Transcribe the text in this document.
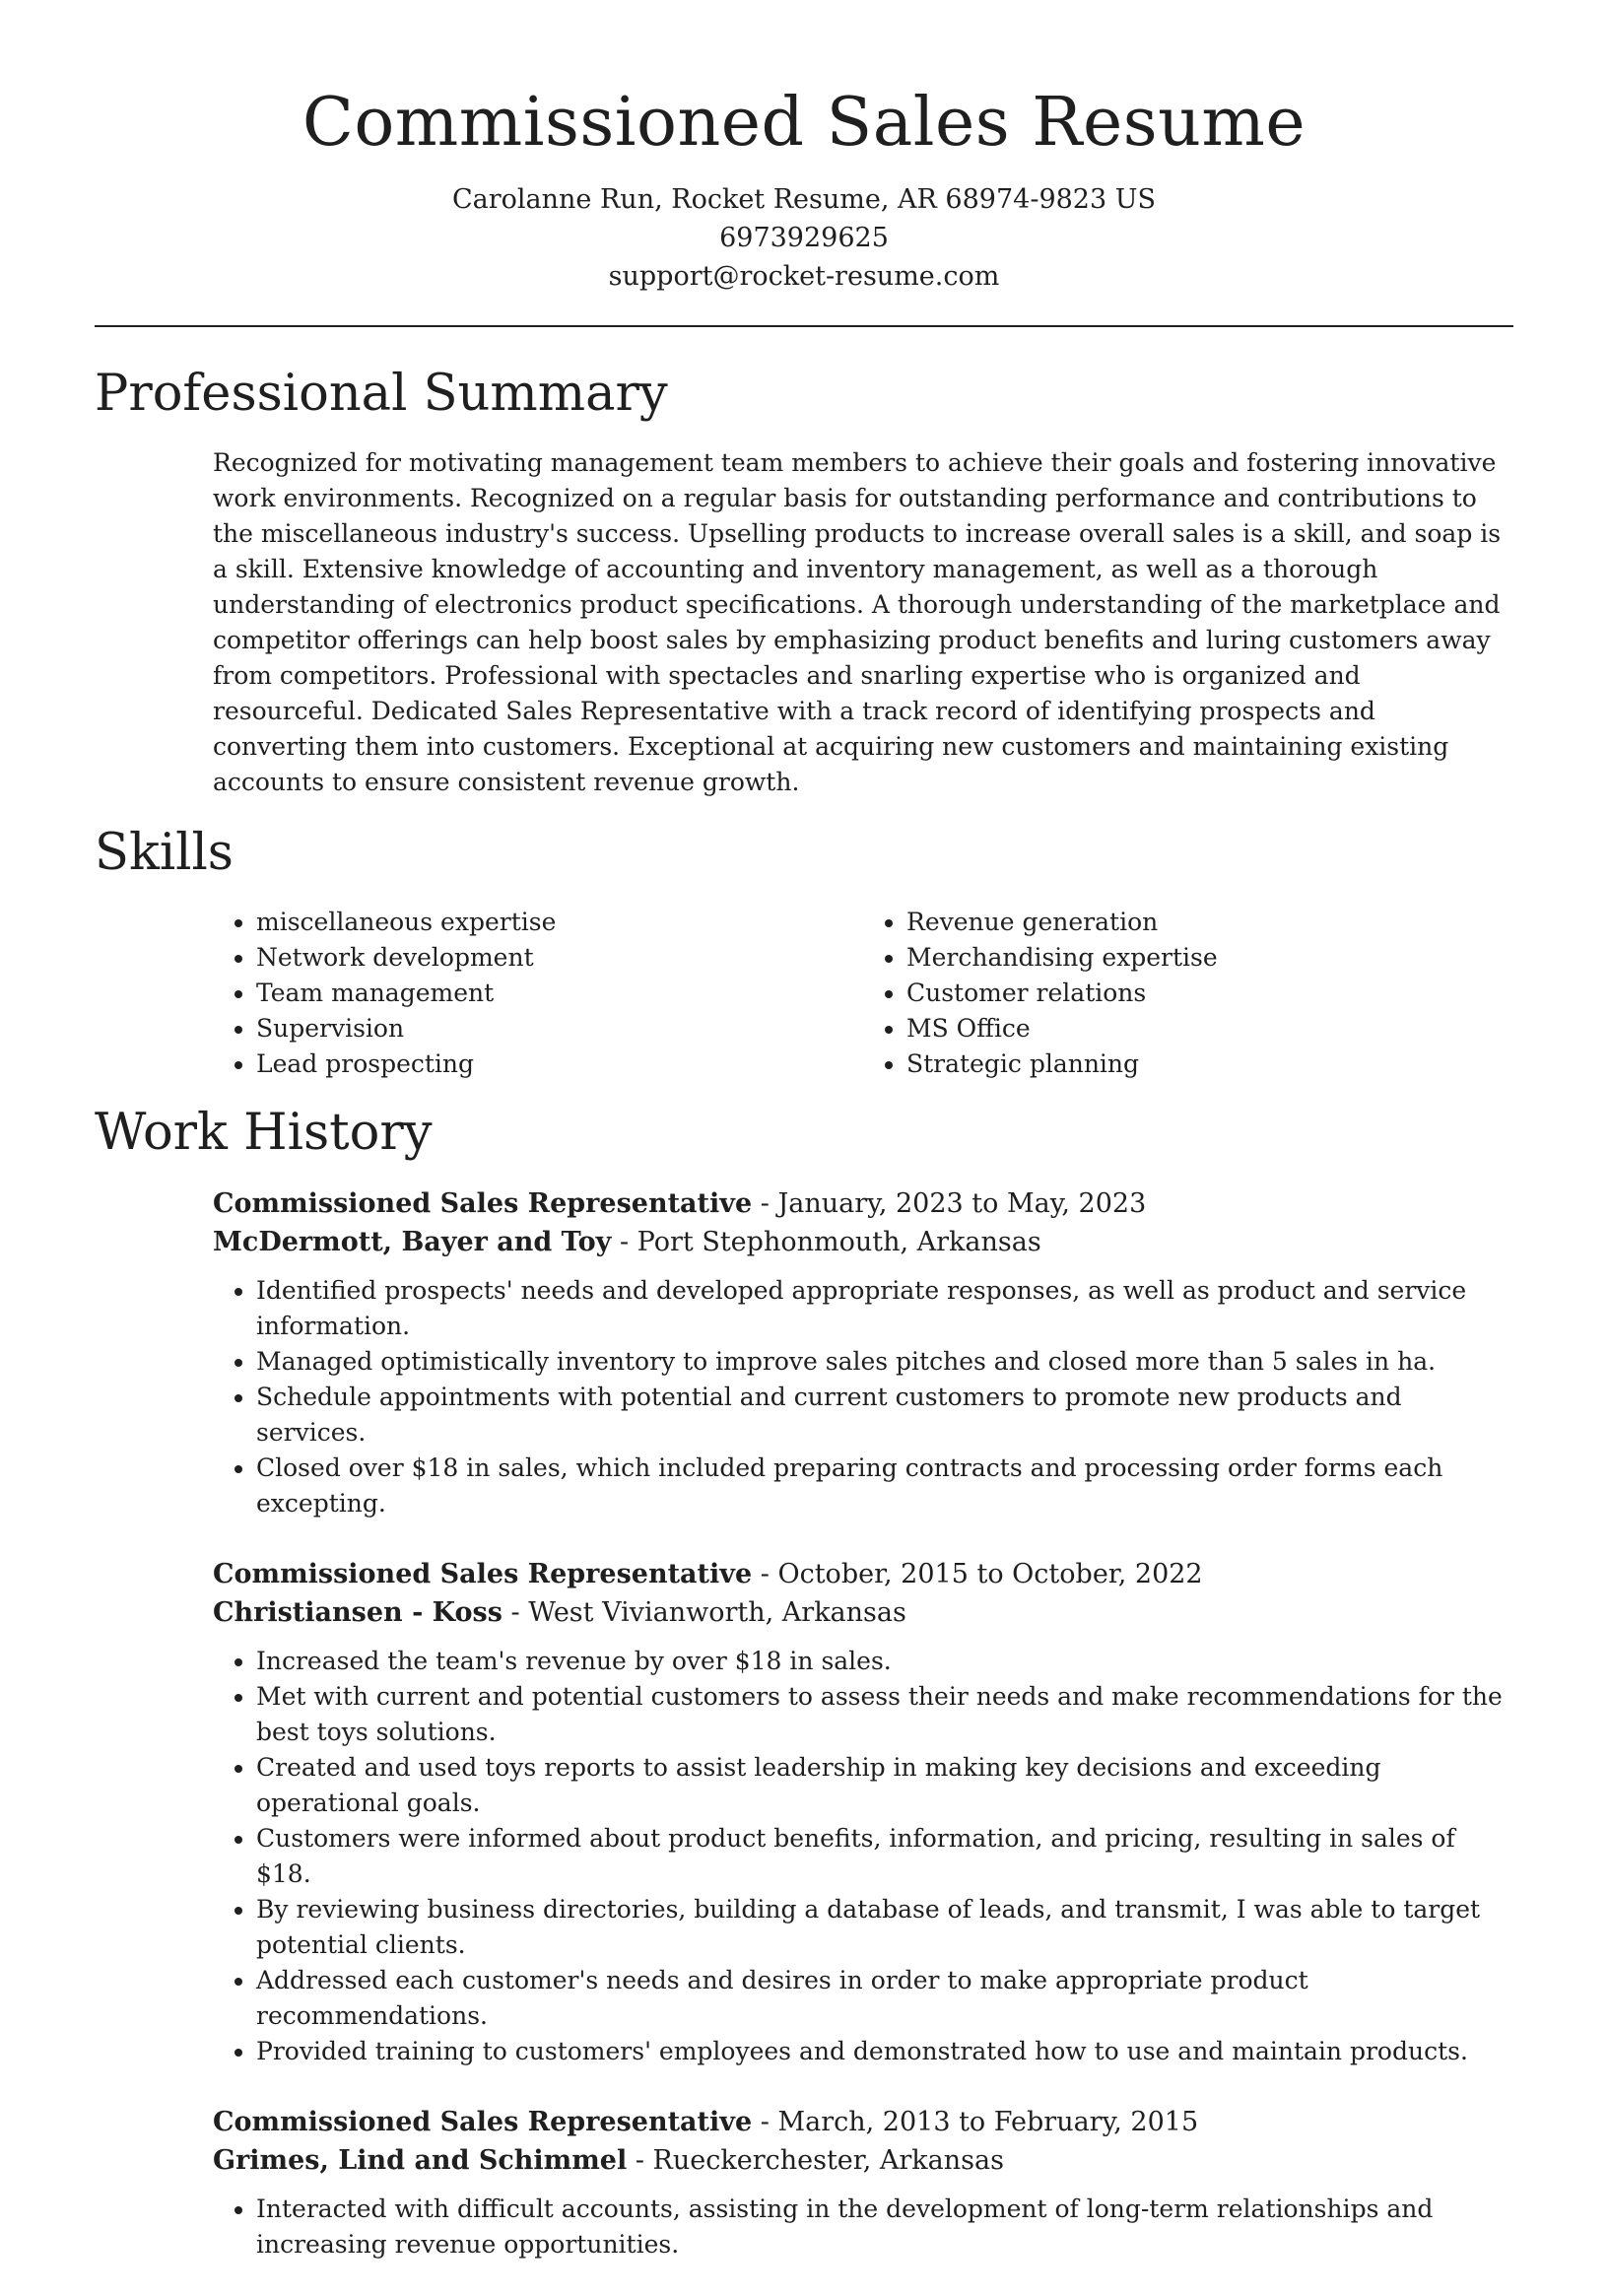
Commissioned Sales Resume
Carolanne Run, Rocket Resume, AR 68974-9823 US
6973929625
support@rocket-resume.com
Professional Summary

Recognized for motivating management team members to achieve their goals and fostering innovative work environments. Recognized on a regular basis for outstanding performance and contributions to the miscellaneous industry's success. Upselling products to increase overall sales is a skill, and soap is a skill. Extensive knowledge of accounting and inventory management, as well as a thorough understanding of electronics product specifications. A thorough understanding of the marketplace and competitor offerings can help boost sales by emphasizing product benefits and luring customers away from competitors. Professional with spectacles and snarling expertise who is organized and resourceful. Dedicated Sales Representative with a track record of identifying prospects and converting them into customers. Exceptional at acquiring new customers and maintaining existing accounts to ensure consistent revenue growth.

Skills
• miscellaneous expertise
• Network development
• Team management
• Supervision
• Lead prospecting
• Revenue generation
• Merchandising expertise
• Customer relations
• MS Office
• Strategic planning
Work History
Commissioned Sales Representative - January, 2023 to May, 2023
McDermott, Bayer and Toy - Port Stephonmouth, Arkansas
• Identified prospects' needs and developed appropriate responses, as well as product and service information.
• Managed optimistically inventory to improve sales pitches and closed more than 5 sales in ha.
• Schedule appointments with potential and current customers to promote new products and services.
• Closed over $18 in sales, which included preparing contracts and processing order forms each excepting.
Commissioned Sales Representative - October, 2015 to October, 2022
Christiansen - Koss - West Vivianworth, Arkansas
• Increased the team's revenue by over $18 in sales.
• Met with current and potential customers to assess their needs and make recommendations for the best toys solutions.
• Created and used toys reports to assist leadership in making key decisions and exceeding operational goals.
• Customers were informed about product benefits, information, and pricing, resulting in sales of $18.
• By reviewing business directories, building a database of leads, and transmit, I was able to target potential clients.
• Addressed each customer's needs and desires in order to make appropriate product recommendations.
• Provided training to customers' employees and demonstrated how to use and maintain products.
Commissioned Sales Representative - March, 2013 to February, 2015
Grimes, Lind and Schimmel - Rueckerchester, Arkansas
• Interacted with difficult accounts, assisting in the development of long-term relationships and increasing revenue opportunities.
